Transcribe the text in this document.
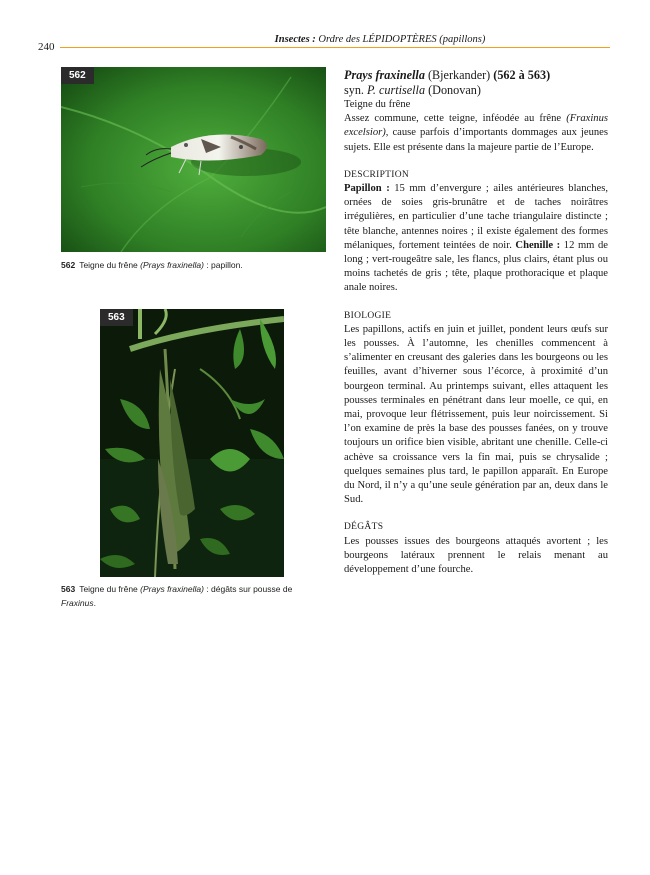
240
Insectes : Ordre des LÉPIDOPTÈRES (papillons)
562
562 Teigne du frêne (Prays fraxinella) : papillon.
563
563 Teigne du frêne (Prays fraxinella) : dégâts sur pousse de Fraxinus.

Prays fraxinella (Bjerkander) (562 à 563)

syn. P. curtisella (Donovan)

Teigne du frêne

Assez commune, cette teigne, inféodée au frêne (Fraxinus excelsior), cause parfois d’importants dommages aux jeunes sujets. Elle est présente dans la majeure partie de l’Europe.

DESCRIPTION

Papillon : 15 mm d’envergure ; ailes antérieures blanches, ornées de soies gris-brunâtre et de taches noirâtres irrégulières, en particulier d’une tache triangulaire distincte ; tête blanche, antennes noires ; il existe également des formes mélaniques, fortement teintées de noir. Chenille : 12 mm de long ; vert-rougeâtre sale, les flancs, plus clairs, étant plus ou moins tachetés de gris ; tête, plaque prothoracique et plaque anale noires.

BIOLOGIE

Les papillons, actifs en juin et juillet, pondent leurs œufs sur les pousses. À l’automne, les chenilles commencent à s’alimenter en creusant des galeries dans les bourgeons ou les feuilles, avant d’hiverner sous l’écorce, à proximité d’un bourgeon terminal. Au printemps suivant, elles attaquent les pousses terminales en pénétrant dans leur moelle, ce qui, en mai, provoque leur flétrissement, puis leur noircissement. Si l’on examine de près la base des pousses fanées, on y trouve toujours un orifice bien visible, abritant une chenille. Celle-ci achève sa croissance vers la fin mai, puis se chrysalide ; quelques semaines plus tard, le papillon apparaît. En Europe du Nord, il n’y a qu’une seule génération par an, deux dans le Sud.

DÉGÂTS

Les pousses issues des bourgeons attaqués avortent ; les bourgeons latéraux prennent le relais menant au développement d’une fourche.
